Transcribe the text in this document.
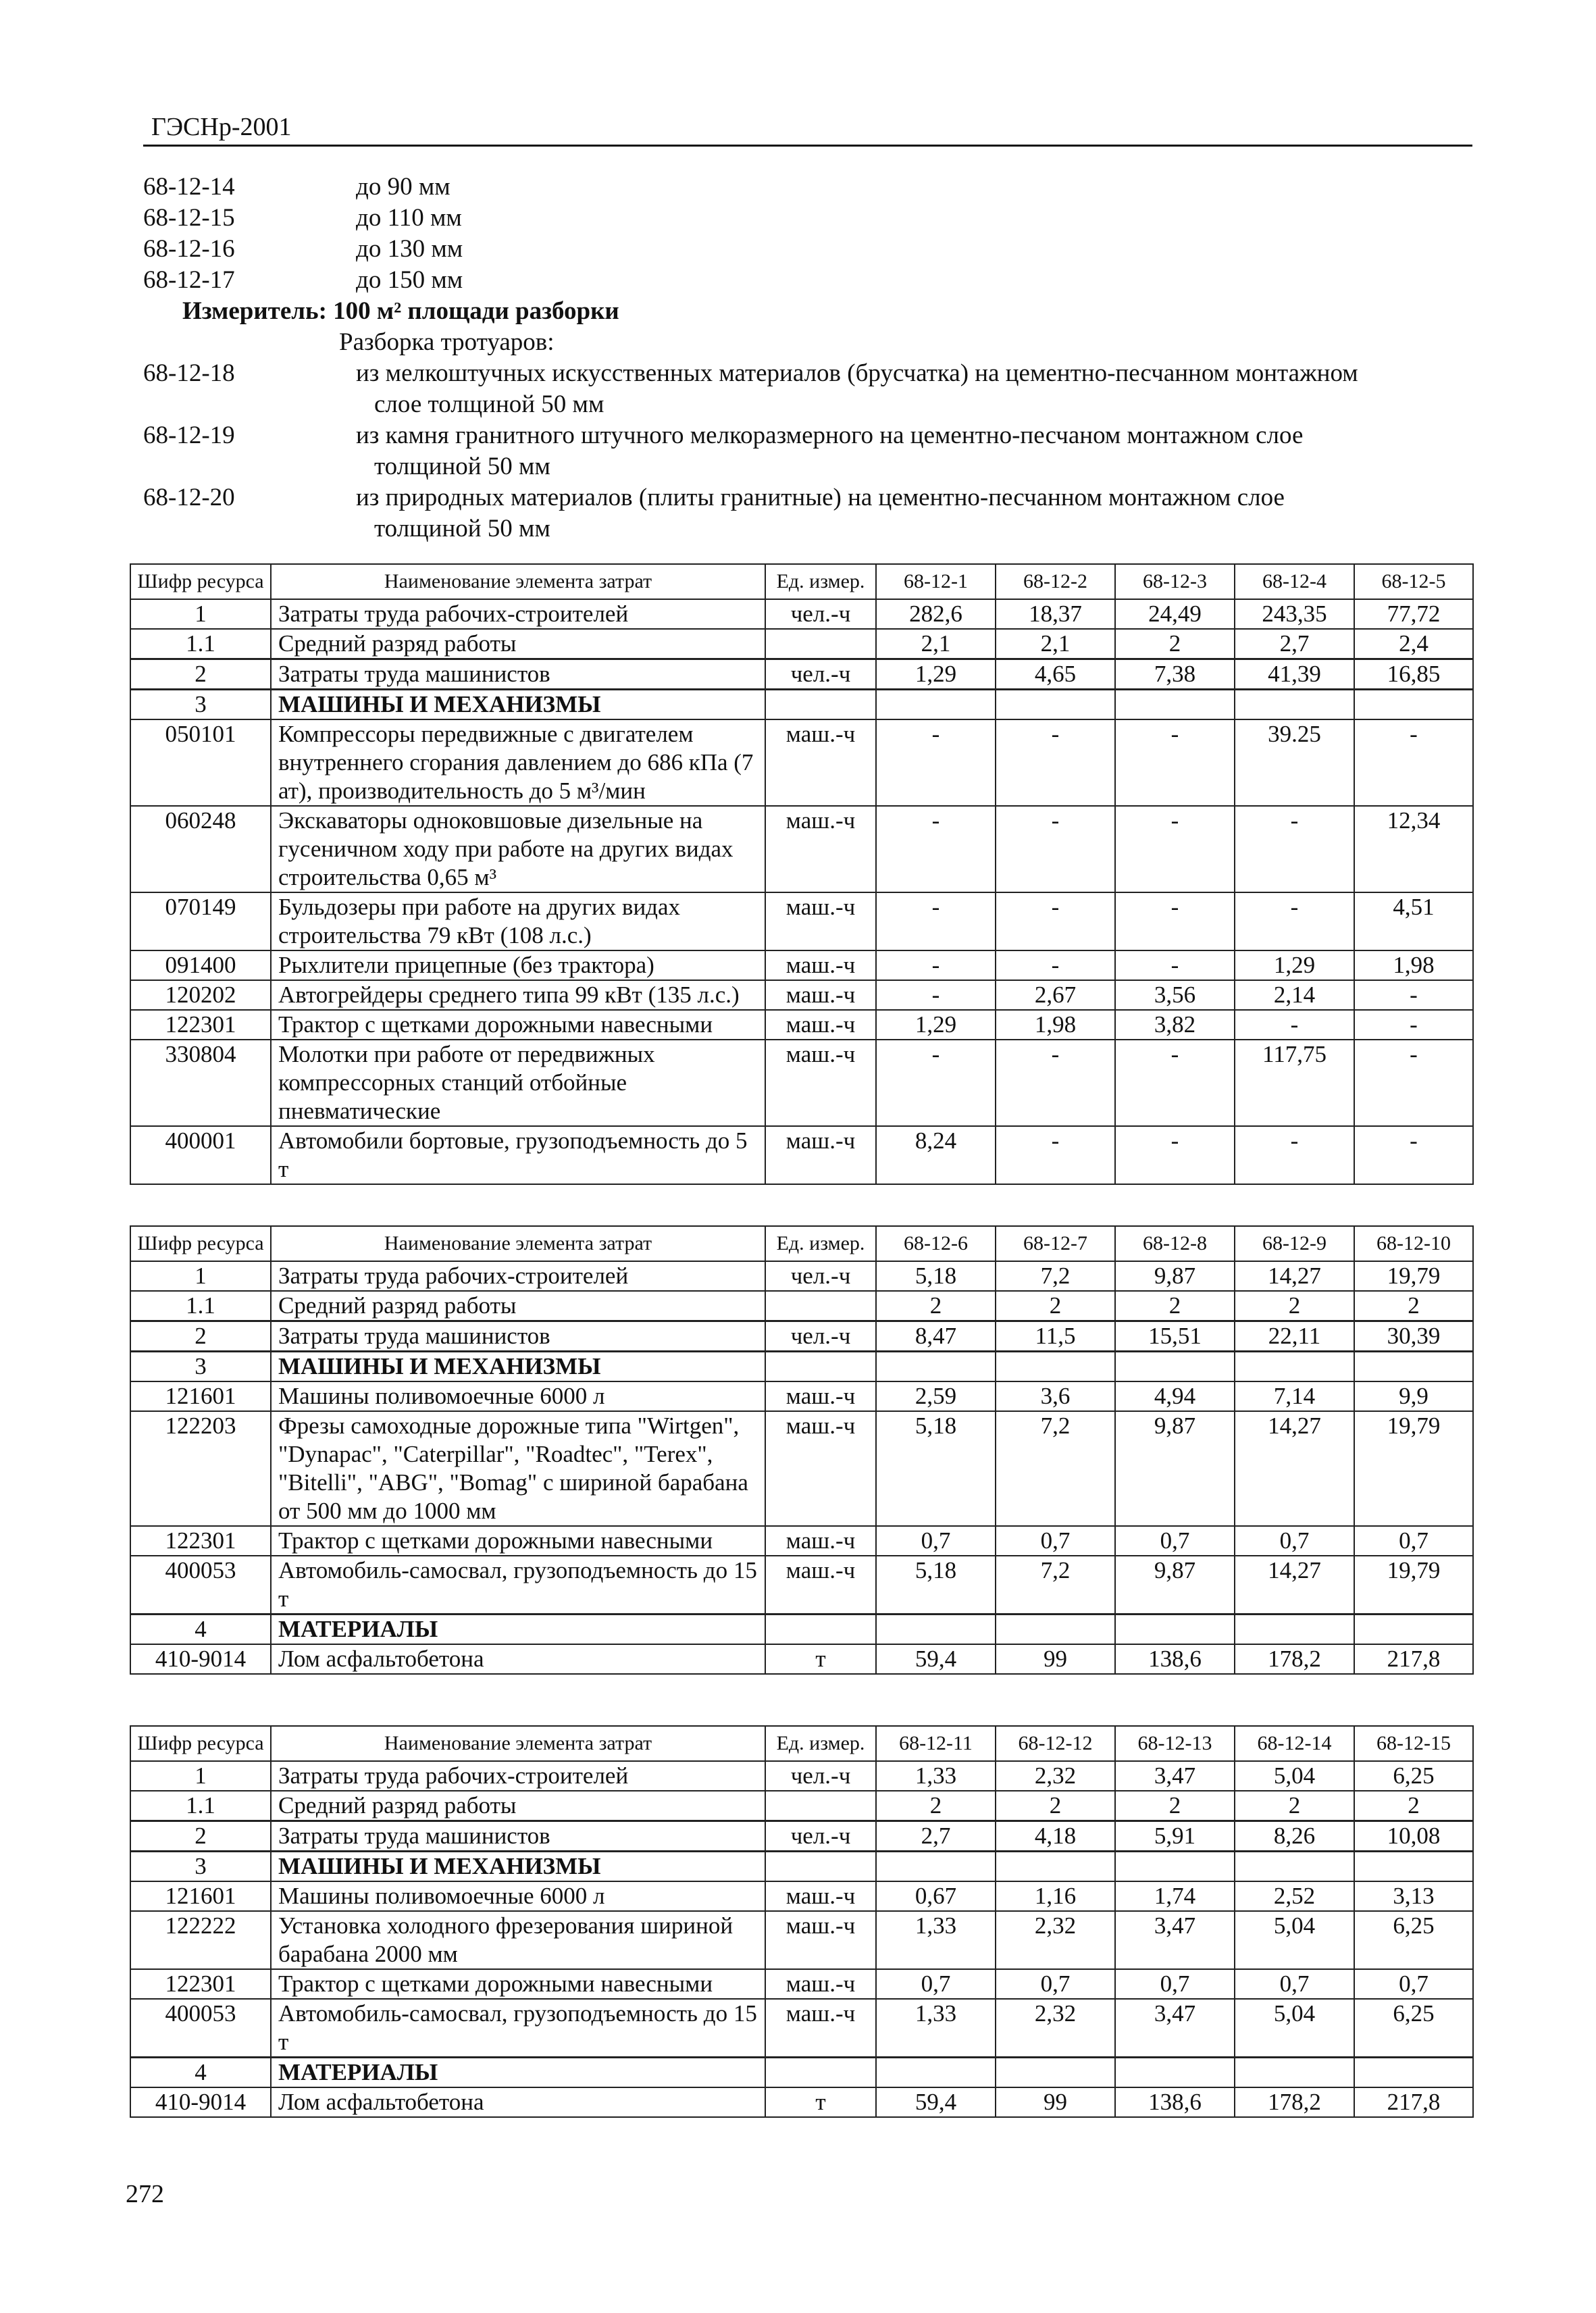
ГЭСНр-2001
68-12-14	до 90 мм
68-12-15	до 110 мм
68-12-16	до 130 мм
68-12-17	до 150 мм
Измеритель: 100 м² площади разборки
Разборка тротуаров:
68-12-18	из мелкоштучных искусственных материалов (брусчатка) на цементно-песчанном монтажном
слое толщиной 50 мм
68-12-19	из камня гранитного штучного мелкоразмерного на цементно-песчаном монтажном слое
толщиной 50 мм
68-12-20	из природных материалов (плиты гранитные) на цементно-песчанном монтажном слое
толщиной 50 мм
Шифр ресурса	Наименование элемента затрат	Ед. измер.	68-12-1	68-12-2	68-12-3	68-12-4	68-12-5
1	Затраты труда рабочих-строителей	чел.-ч	282,6	18,37	24,49	243,35	77,72
1.1	Средний разряд работы		2,1	2,1	2	2,7	2,4
2	Затраты труда машинистов	чел.-ч	1,29	4,65	7,38	41,39	16,85
3	МАШИНЫ И МЕХАНИЗМЫ						
050101	Компрессоры передвижные с двигателем внутреннего сгорания давлением до 686 кПа (7 ат), производительность до 5 м³/мин	маш.-ч	-	-	-	39.25	-
060248	Экскаваторы одноковшовые дизельные на гусеничном ходу при работе на других видах строительства 0,65 м³	маш.-ч	-	-	-	-	12,34
070149	Бульдозеры при работе на других видах строительства 79 кВт (108 л.с.)	маш.-ч	-	-	-	-	4,51
091400	Рыхлители прицепные (без трактора)	маш.-ч	-	-	-	1,29	1,98
120202	Автогрейдеры среднего типа 99 кВт (135 л.с.)	маш.-ч	-	2,67	3,56	2,14	-
122301	Трактор с щетками дорожными навесными	маш.-ч	1,29	1,98	3,82	-	-
330804	Молотки при работе от передвижных компрессорных станций отбойные пневматические	маш.-ч	-	-	-	117,75	-
400001	Автомобили бортовые, грузоподъемность до 5 т	маш.-ч	8,24	-	-	-	-
Шифр ресурса	Наименование элемента затрат	Ед. измер.	68-12-6	68-12-7	68-12-8	68-12-9	68-12-10
1	Затраты труда рабочих-строителей	чел.-ч	5,18	7,2	9,87	14,27	19,79
1.1	Средний разряд работы		2	2	2	2	2
2	Затраты труда машинистов	чел.-ч	8,47	11,5	15,51	22,11	30,39
3	МАШИНЫ И МЕХАНИЗМЫ						
121601	Машины поливомоечные 6000 л	маш.-ч	2,59	3,6	4,94	7,14	9,9
122203	Фрезы самоходные дорожные типа "Wirtgen", "Dynapac", "Caterpillar", "Roadtec", "Terex", "Bitelli", "ABG", "Bomag" с шириной барабана от 500 мм до 1000 мм	маш.-ч	5,18	7,2	9,87	14,27	19,79
122301	Трактор с щетками дорожными навесными	маш.-ч	0,7	0,7	0,7	0,7	0,7
400053	Автомобиль-самосвал, грузоподъемность до 15 т	маш.-ч	5,18	7,2	9,87	14,27	19,79
4	МАТЕРИАЛЫ						
410-9014	Лом асфальтобетона	т	59,4	99	138,6	178,2	217,8
Шифр ресурса	Наименование элемента затрат	Ед. измер.	68-12-11	68-12-12	68-12-13	68-12-14	68-12-15
1	Затраты труда рабочих-строителей	чел.-ч	1,33	2,32	3,47	5,04	6,25
1.1	Средний разряд работы		2	2	2	2	2
2	Затраты труда машинистов	чел.-ч	2,7	4,18	5,91	8,26	10,08
3	МАШИНЫ И МЕХАНИЗМЫ						
121601	Машины поливомоечные 6000 л	маш.-ч	0,67	1,16	1,74	2,52	3,13
122222	Установка холодного фрезерования шириной барабана 2000 мм	маш.-ч	1,33	2,32	3,47	5,04	6,25
122301	Трактор с щетками дорожными навесными	маш.-ч	0,7	0,7	0,7	0,7	0,7
400053	Автомобиль-самосвал, грузоподъемность до 15 т	маш.-ч	1,33	2,32	3,47	5,04	6,25
4	МАТЕРИАЛЫ						
410-9014	Лом асфальтобетона	т	59,4	99	138,6	178,2	217,8
272
